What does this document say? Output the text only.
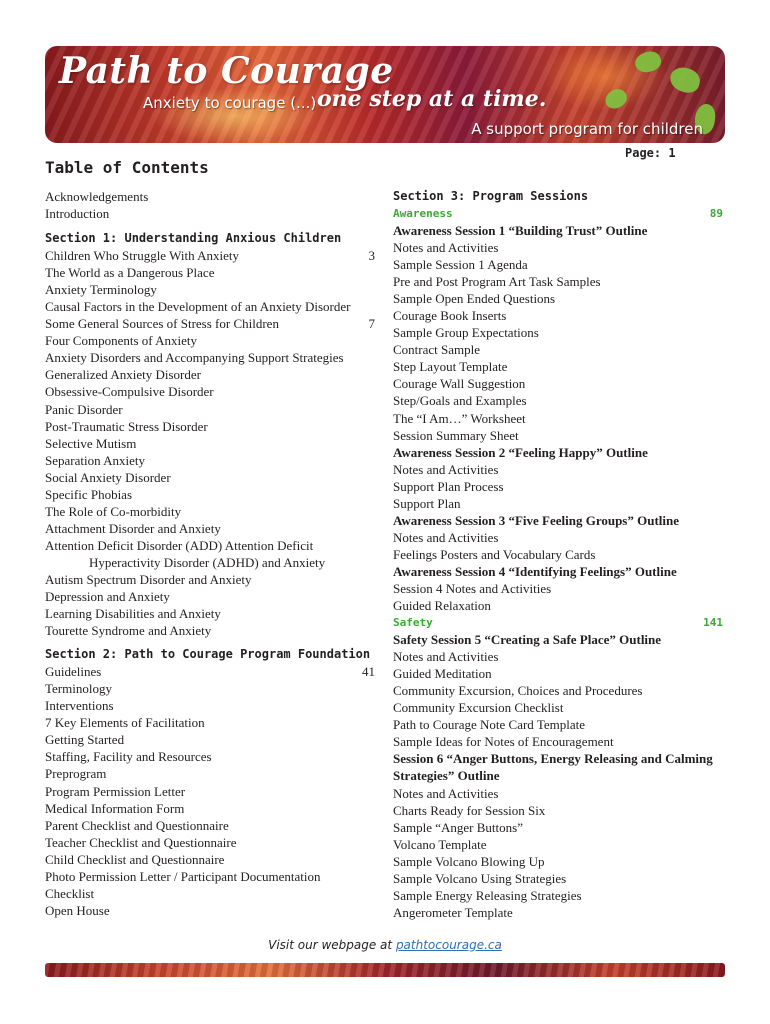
Path to Courage
Anxiety to courage (...) one step at a time.
A support program for children
Page: 1
Table of Contents
Acknowledgements
Introduction
Section 1: Understanding Anxious Children
Children Who Struggle With Anxiety	3
The World as a Dangerous Place
Anxiety Terminology
Causal Factors in the Development of an Anxiety Disorder
Some General Sources of Stress for Children	7
Four Components of Anxiety
Anxiety Disorders and Accompanying Support Strategies
Generalized Anxiety Disorder
Obsessive-Compulsive Disorder
Panic Disorder
Post-Traumatic Stress Disorder
Selective Mutism
Separation Anxiety
Social Anxiety Disorder
Specific Phobias
The Role of Co-morbidity
Attachment Disorder and Anxiety
Attention Deficit Disorder (ADD) Attention Deficit
Hyperactivity Disorder (ADHD) and Anxiety
Autism Spectrum Disorder and Anxiety
Depression and Anxiety
Learning Disabilities and Anxiety
Tourette Syndrome and Anxiety
Section 2: Path to Courage Program Foundation
Guidelines	41
Terminology
Interventions
7 Key Elements of Facilitation
Getting Started
Staffing, Facility and Resources
Preprogram
Program Permission Letter
Medical Information Form
Parent Checklist and Questionnaire
Teacher Checklist and Questionnaire
Child Checklist and Questionnaire
Photo Permission Letter / Participant Documentation
Checklist
Open House
Section 3: Program Sessions
Awareness	89
Awareness Session 1 “Building Trust” Outline
Notes and Activities
Sample Session 1 Agenda
Pre and Post Program Art Task Samples
Sample Open Ended Questions
Courage Book Inserts
Sample Group Expectations
Contract Sample
Step Layout Template
Courage Wall Suggestion
Step/Goals and Examples
The “I Am…” Worksheet
Session Summary Sheet
Awareness Session 2 “Feeling Happy” Outline
Notes and Activities
Support Plan Process
Support Plan
Awareness Session 3 “Five Feeling Groups” Outline
Notes and Activities
Feelings Posters and Vocabulary Cards
Awareness Session 4 “Identifying Feelings” Outline
Session 4 Notes and Activities
Guided Relaxation
Safety	141
Safety Session 5 “Creating a Safe Place” Outline
Notes and Activities
Guided Meditation
Community Excursion, Choices and Procedures
Community Excursion Checklist
Path to Courage Note Card Template
Sample Ideas for Notes of Encouragement
Session 6 “Anger Buttons, Energy Releasing and Calming
Strategies” Outline
Notes and Activities
Charts Ready for Session Six
Sample “Anger Buttons”
Volcano Template
Sample Volcano Blowing Up
Sample Volcano Using Strategies
Sample Energy Releasing Strategies
Angerometer Template
Visit our webpage at pathtocourage.ca
